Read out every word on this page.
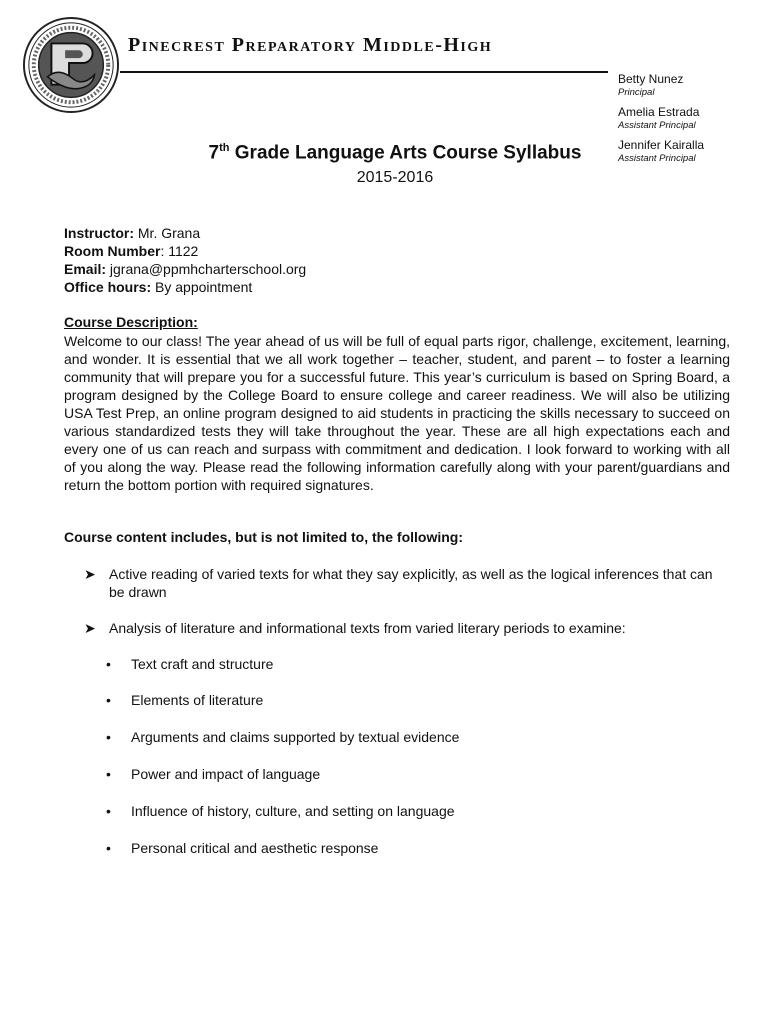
Pinecrest Preparatory Middle-High
Betty Nunez
Principal
Amelia Estrada
Assistant Principal
Jennifer Kairalla
Assistant Principal
7th Grade Language Arts Course Syllabus
2015-2016
Instructor: Mr. Grana
Room Number: 1122
Email: jgrana@ppmhcharterschool.org
Office hours: By appointment
Course Description:

Welcome to our class! The year ahead of us will be full of equal parts rigor, challenge, excitement, learning, and wonder. It is essential that we all work together – teacher, student, and parent – to foster a learning community that will prepare you for a successful future. This year’s curriculum is based on Spring Board, a program designed by the College Board to ensure college and career readiness. We will also be utilizing USA Test Prep, an online program designed to aid students in practicing the skills necessary to succeed on various standardized tests they will take throughout the year. These are all high expectations each and every one of us can reach and surpass with commitment and dedication. I look forward to working with all of you along the way. Please read the following information carefully along with your parent/guardians and return the bottom portion with required signatures.

Course content includes, but is not limited to, the following:
➤ Active reading of varied texts for what they say explicitly, as well as the logical inferences that can be drawn
➤ Analysis of literature and informational texts from varied literary periods to examine:
• Text craft and structure
• Elements of literature
• Arguments and claims supported by textual evidence
• Power and impact of language
• Influence of history, culture, and setting on language
• Personal critical and aesthetic response
